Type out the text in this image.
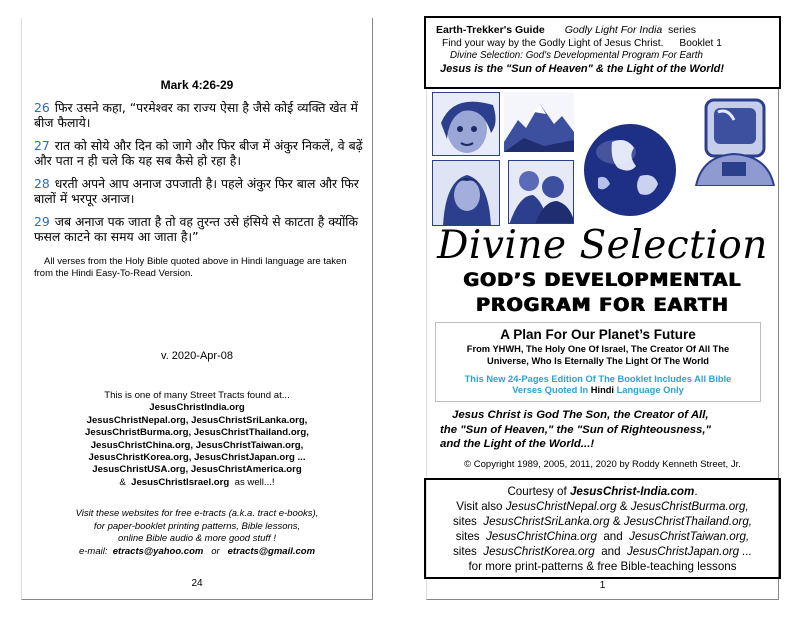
Mark 4:26-29

26 फिर उसने कहा, “परमेश्वर का राज्य ऐसा है जैसे कोई व्यक्ति खेत में बीज फैलाये।

27 रात को सोये और दिन को जागे और फिर बीज में अंकुर निकलें, वे बढ़ें और पता न ही चले कि यह सब कैसे हो रहा है।

28 धरती अपने आप अनाज उपजाती है। पहले अंकुर फिर बाल और फिर बालों में भरपूर अनाज।

29 जब अनाज पक जाता है तो वह तुरन्त उसे हंसिये से काटता है क्योंकि फसल काटने का समय आ जाता है।”

All verses from the Holy Bible quoted above in Hindi language are taken from the Hindi Easy-To-Read Version.

v. 2020-Apr-08

This is one of many Street Tracts found at...
JesusChristIndia.org
JesusChristNepal.org, JesusChristSriLanka.org,
JesusChristBurma.org, JesusChristThailand.org,
JesusChristChina.org, JesusChristTaiwan.org,
JesusChristKorea.org, JesusChristJapan.org ...
JesusChristUSA.org, JesusChristAmerica.org
& JesusChristIsrael.org as well...!
Visit these websites for free e-tracts (a.k.a. tract e-books),
for paper-booklet printing patterns, Bible lessons,
online Bible audio & more good stuff !
e-mail: etracts@yahoo.com or etracts@gmail.com
24
Earth-Trekker's Guide Godly Light For India series
Find your way by the Godly Light of Jesus Christ. Booklet 1
Divine Selection: God's Developmental Program For Earth
Jesus is the "Sun of Heaven" & the Light of the World!
Divine Selection
GOD’S DEVELOPMENTAL
PROGRAM FOR EARTH
A Plan For Our Planet’s Future
From YHWH, The Holy One Of Israel, The Creator Of All The
Universe, Who Is Eternally The Light Of The World
This New 24-Pages Edition Of The Booklet Includes All Bible
Verses Quoted In Hindi Language Only
Jesus Christ is God The Son, the Creator of All,
the "Sun of Heaven," the "Sun of Righteousness,"
and the Light of the World...!
© Copyright 1989, 2005, 2011, 2020 by Roddy Kenneth Street, Jr.
Courtesy of JesusChrist-India.com.
Visit also JesusChristNepal.org & JesusChristBurma.org,
sites JesusChristSriLanka.org & JesusChristThailand.org,
sites JesusChristChina.org and JesusChristTaiwan.org,
sites JesusChristKorea.org and JesusChristJapan.org ...
for more print-patterns & free Bible-teaching lessons
1
